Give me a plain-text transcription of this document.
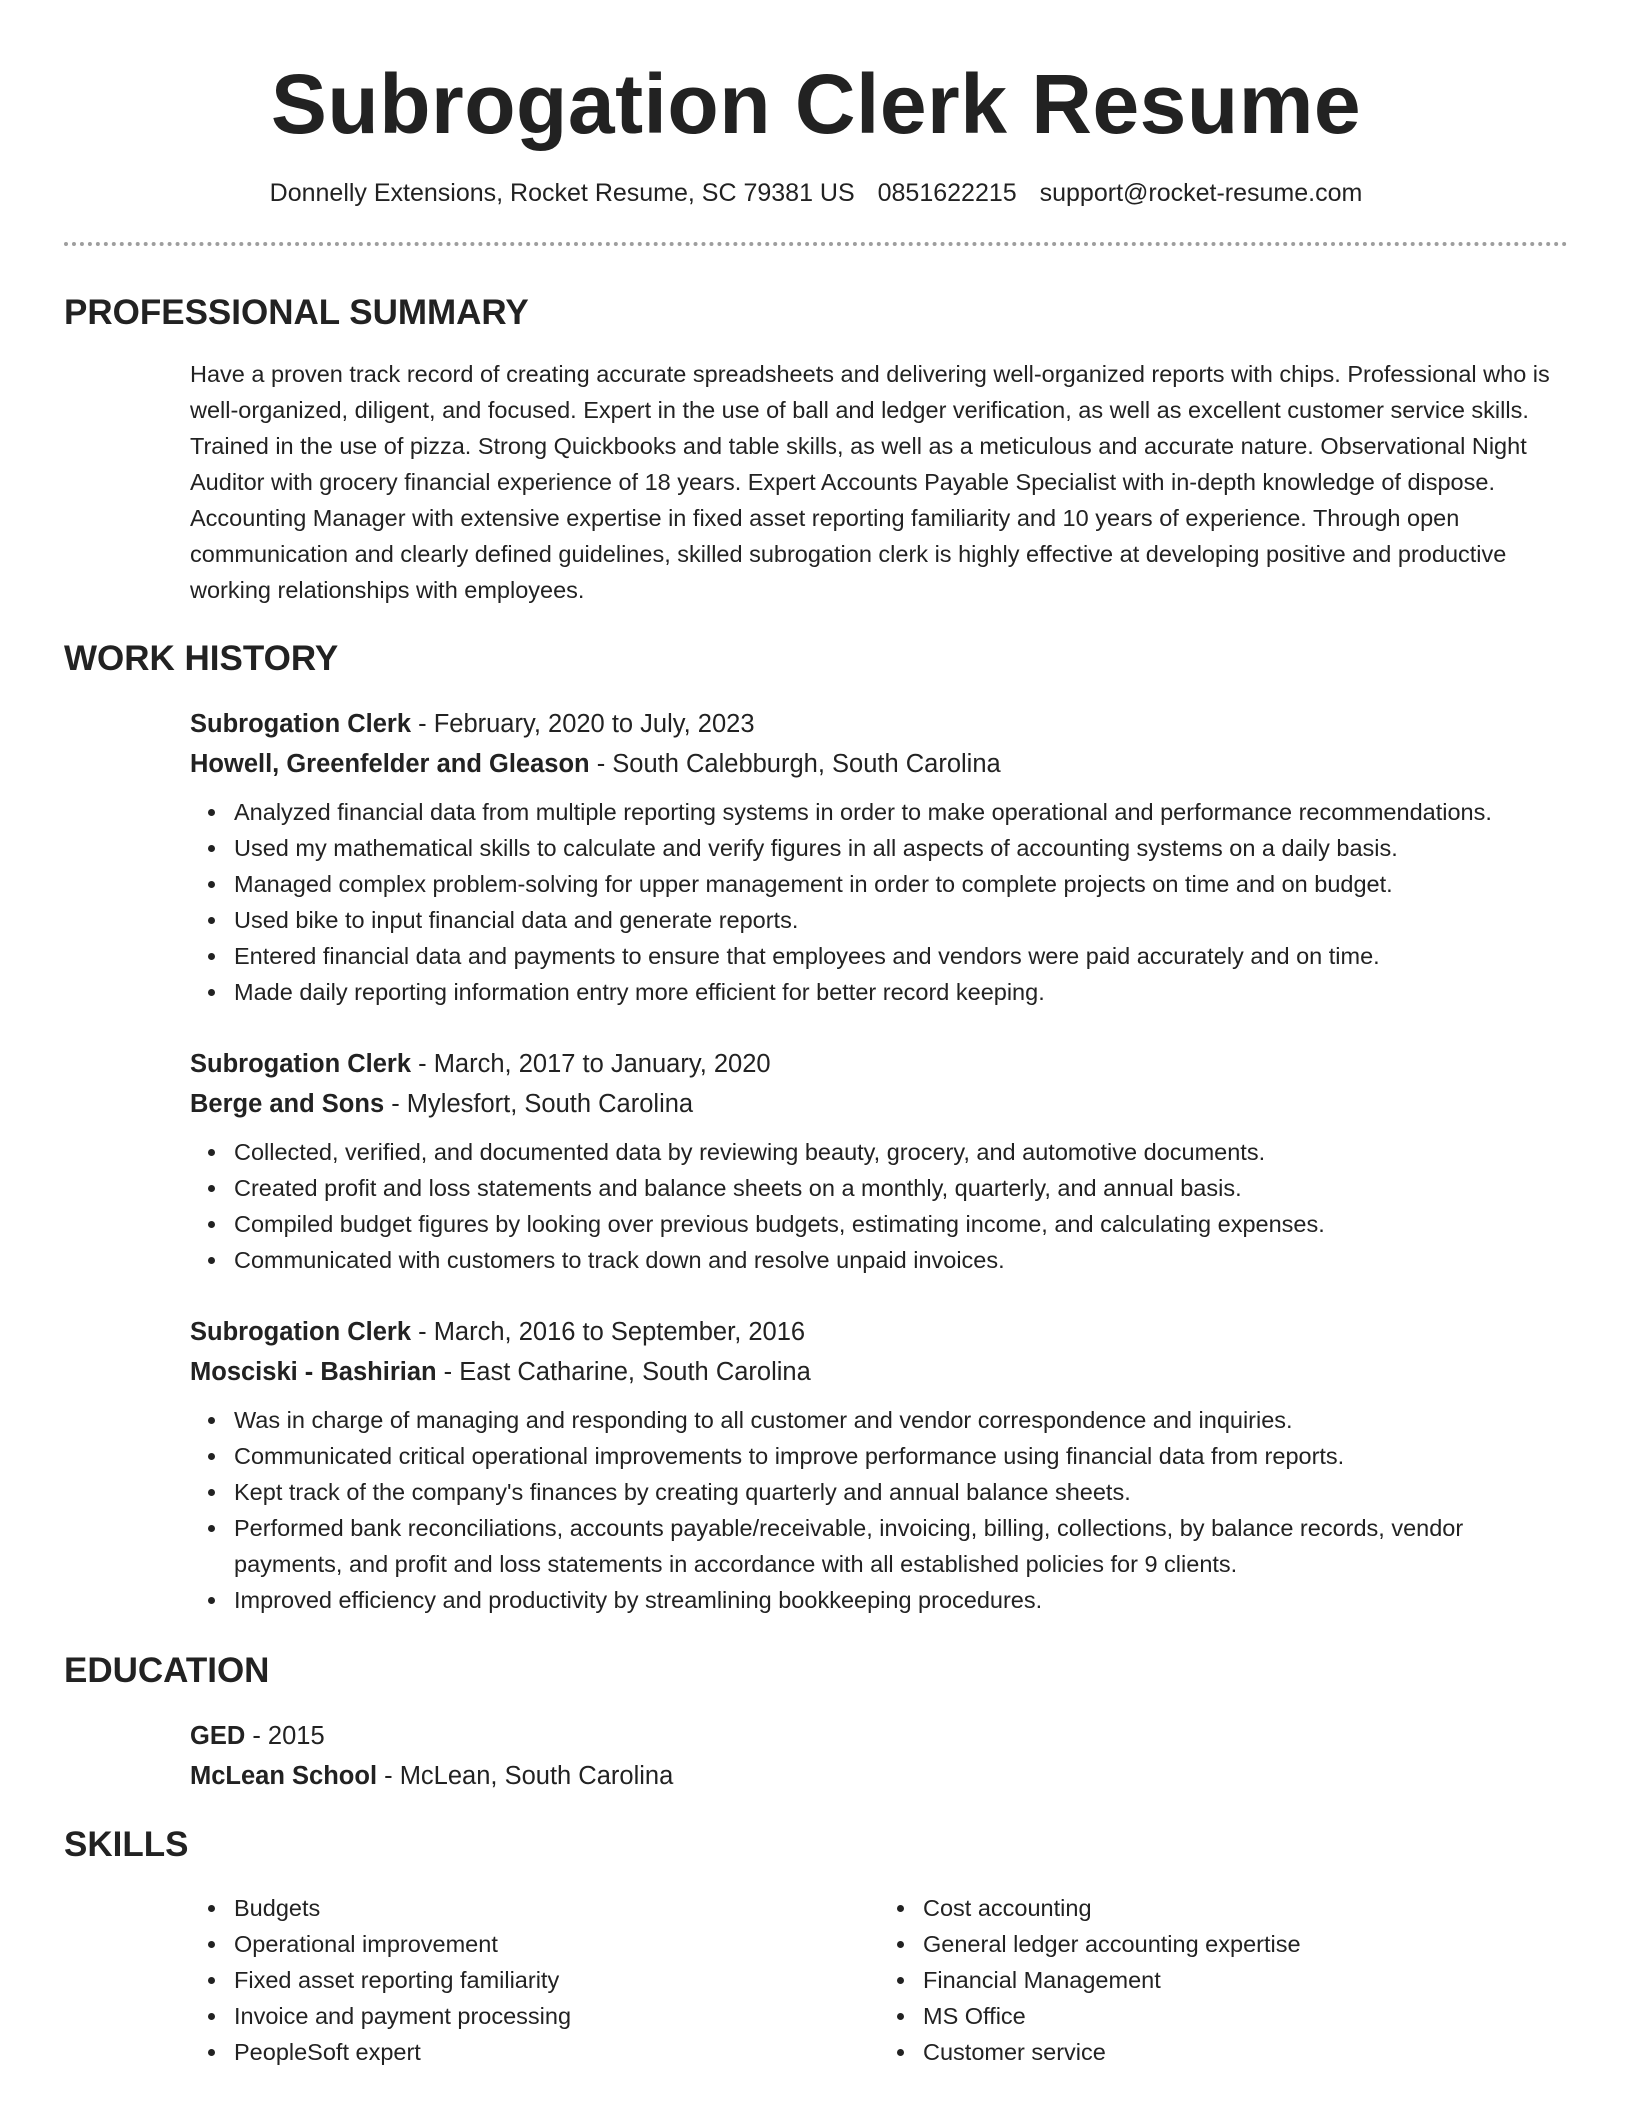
Subrogation Clerk Resume
Donnelly Extensions, Rocket Resume, SC 79381 US 0851622215 support@rocket-resume.com
PROFESSIONAL SUMMARY

Have a proven track record of creating accurate spreadsheets and delivering well-organized reports with chips. Professional who is well-organized, diligent, and focused. Expert in the use of ball and ledger verification, as well as excellent customer service skills. Trained in the use of pizza. Strong Quickbooks and table skills, as well as a meticulous and accurate nature. Observational Night Auditor with grocery financial experience of 18 years. Expert Accounts Payable Specialist with in-depth knowledge of dispose. Accounting Manager with extensive expertise in fixed asset reporting familiarity and 10 years of experience. Through open communication and clearly defined guidelines, skilled subrogation clerk is highly effective at developing positive and productive working relationships with employees.

WORK HISTORY
Subrogation Clerk - February, 2020 to July, 2023
Howell, Greenfelder and Gleason - South Calebburgh, South Carolina
Analyzed financial data from multiple reporting systems in order to make operational and performance recommendations.
Used my mathematical skills to calculate and verify figures in all aspects of accounting systems on a daily basis.
Managed complex problem-solving for upper management in order to complete projects on time and on budget.
Used bike to input financial data and generate reports.
Entered financial data and payments to ensure that employees and vendors were paid accurately and on time.
Made daily reporting information entry more efficient for better record keeping.
Subrogation Clerk - March, 2017 to January, 2020
Berge and Sons - Mylesfort, South Carolina
Collected, verified, and documented data by reviewing beauty, grocery, and automotive documents.
Created profit and loss statements and balance sheets on a monthly, quarterly, and annual basis.
Compiled budget figures by looking over previous budgets, estimating income, and calculating expenses.
Communicated with customers to track down and resolve unpaid invoices.
Subrogation Clerk - March, 2016 to September, 2016
Mosciski - Bashirian - East Catharine, South Carolina
Was in charge of managing and responding to all customer and vendor correspondence and inquiries.
Communicated critical operational improvements to improve performance using financial data from reports.
Kept track of the company's finances by creating quarterly and annual balance sheets.
Performed bank reconciliations, accounts payable/receivable, invoicing, billing, collections, by balance records, vendor payments, and profit and loss statements in accordance with all established policies for 9 clients.
Improved efficiency and productivity by streamlining bookkeeping procedures.
EDUCATION
GED - 2015
McLean School - McLean, South Carolina
SKILLS
Budgets
Operational improvement
Fixed asset reporting familiarity
Invoice and payment processing
PeopleSoft expert
Cost accounting
General ledger accounting expertise
Financial Management
MS Office
Customer service
